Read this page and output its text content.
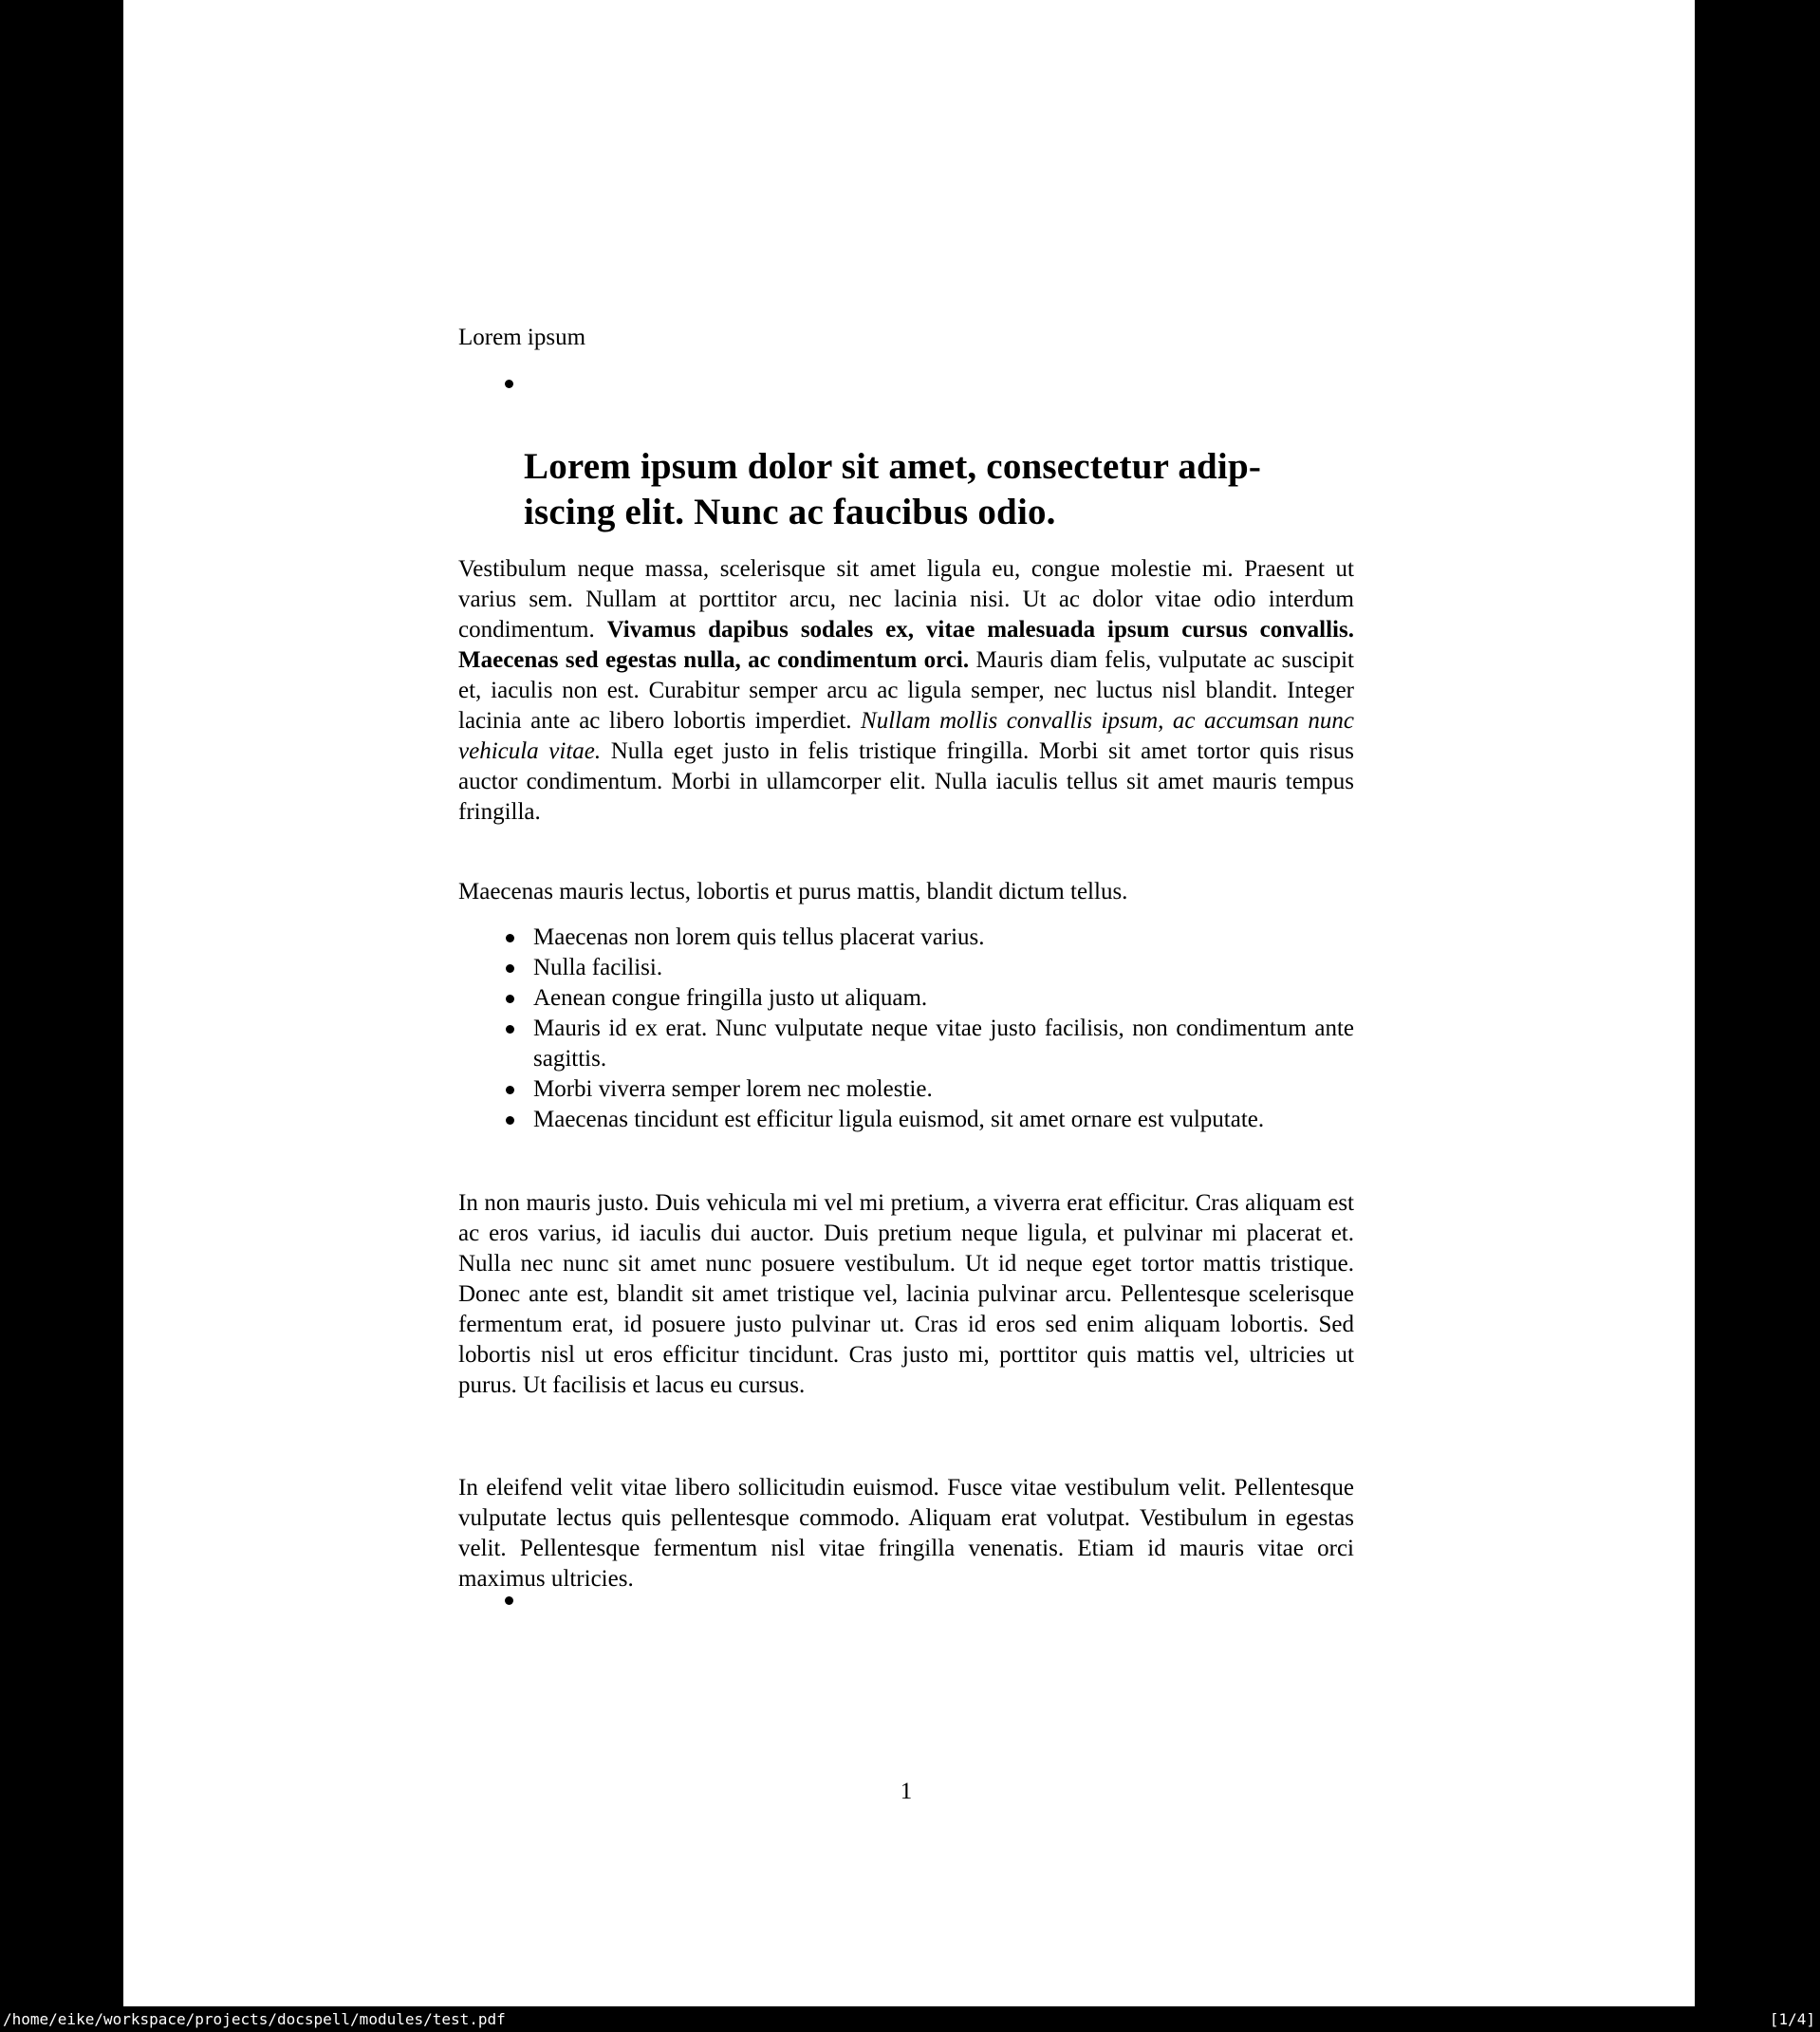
Lorem ipsum
Lorem ipsum dolor sit amet, consectetur adip-
iscing elit. Nunc ac faucibus odio.
Vestibulum neque massa, scelerisque sit amet ligula eu, congue molestie mi. Praesent ut varius sem. Nullam at porttitor arcu, nec lacinia nisi. Ut ac dolor vitae odio interdum condimentum. Vivamus dapibus sodales ex, vitae malesuada ipsum cursus convallis. Maecenas sed egestas nulla, ac condimentum orci. Mauris diam felis, vulputate ac suscipit et, iaculis non est. Curabitur semper arcu ac ligula semper, nec luctus nisl blandit. Integer lacinia ante ac libero lobortis imperdiet. Nullam mollis convallis ipsum, ac accumsan nunc vehicula vitae. Nulla eget justo in felis tristique fringilla. Morbi sit amet tortor quis risus auctor condimentum. Morbi in ullamcorper elit. Nulla iaculis tellus sit amet mauris tempus fringilla.
Maecenas mauris lectus, lobortis et purus mattis, blandit dictum tellus.
Maecenas non lorem quis tellus placerat varius.
Nulla facilisi.
Aenean congue fringilla justo ut aliquam.
Mauris id ex erat. Nunc vulputate neque vitae justo facilisis, non condimentum ante sagittis.
Morbi viverra semper lorem nec molestie.
Maecenas tincidunt est efficitur ligula euismod, sit amet ornare est vulputate.
In non mauris justo. Duis vehicula mi vel mi pretium, a viverra erat efficitur. Cras aliquam est ac eros varius, id iaculis dui auctor. Duis pretium neque ligula, et pulvinar mi placerat et. Nulla nec nunc sit amet nunc posuere vestibulum. Ut id neque eget tortor mattis tristique. Donec ante est, blandit sit amet tristique vel, lacinia pulvinar arcu. Pellentesque scelerisque fermentum erat, id posuere justo pulvinar ut. Cras id eros sed enim aliquam lobortis. Sed lobortis nisl ut eros efficitur tincidunt. Cras justo mi, porttitor quis mattis vel, ultricies ut purus. Ut facilisis et lacus eu cursus.
In eleifend velit vitae libero sollicitudin euismod. Fusce vitae vestibulum velit. Pellentesque vulputate lectus quis pellentesque commodo. Aliquam erat volutpat. Vestibulum in egestas velit. Pellentesque fermentum nisl vitae fringilla venenatis. Etiam id mauris vitae orci maximus ultricies.
1
/home/eike/workspace/projects/docspell/modules/test.pdf	[1/4]
